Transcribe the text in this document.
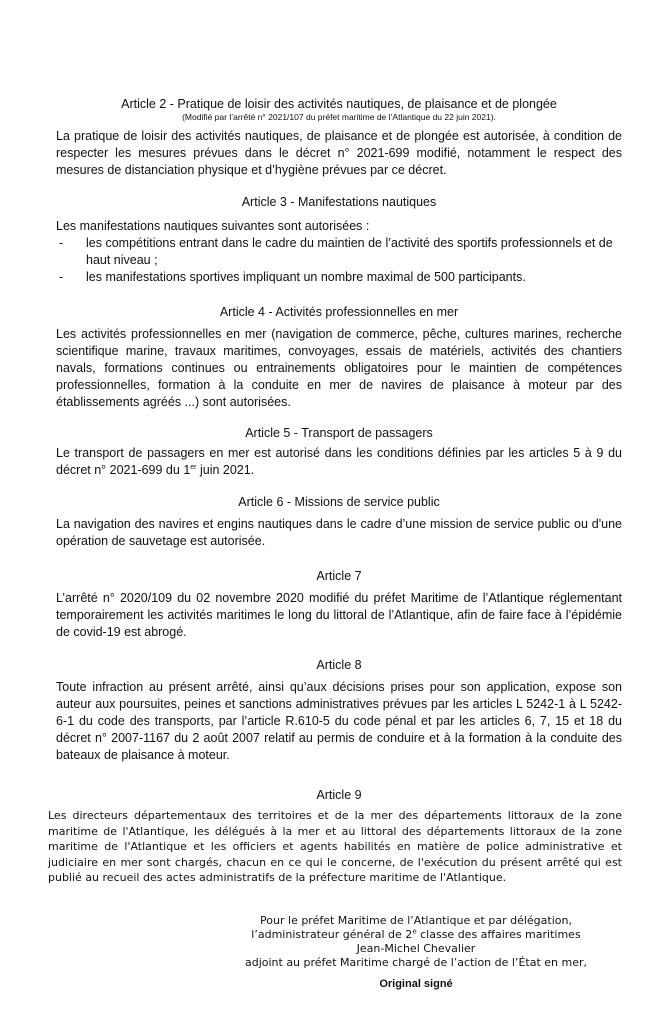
Article 2 - Pratique de loisir des activités nautiques, de plaisance et de plongée

(Modifié par l’arrêté n° 2021/107 du préfet maritime de l’Atlantique du 22 juin 2021).

La pratique de loisir des activités nautiques, de plaisance et de plongée est autorisée, à condition de respecter les mesures prévues dans le décret n° 2021-699 modifié, notamment le respect des mesures de distanciation physique et d’hygiène prévues par ce décret.

Article 3 - Manifestations nautiques

Les manifestations nautiques suivantes sont autorisées :

- les compétitions entrant dans le cadre du maintien de l’activité des sportifs professionnels et de haut niveau ;
- les manifestations sportives impliquant un nombre maximal de 500 participants.

Article 4 - Activités professionnelles en mer

Les activités professionnelles en mer (navigation de commerce, pêche, cultures marines, recherche scientifique marine, travaux maritimes, convoyages, essais de matériels, activités des chantiers navals, formations continues ou entrainements obligatoires pour le maintien de compétences professionnelles, formation à la conduite en mer de navires de plaisance à moteur par des établissements agréés ...) sont autorisées.

Article 5 - Transport de passagers

Le transport de passagers en mer est autorisé dans les conditions définies par les articles 5 à 9 du décret n° 2021-699 du 1er juin 2021.

Article 6 - Missions de service public

La navigation des navires et engins nautiques dans le cadre d’une mission de service public ou d'une opération de sauvetage est autorisée.

Article 7

L’arrêté n° 2020/109 du 02 novembre 2020 modifié du préfet Maritime de l’Atlantique réglementant temporairement les activités maritimes le long du littoral de l’Atlantique, afin de faire face à l’épidémie de covid-19 est abrogé.

Article 8

Toute infraction au présent arrêté, ainsi qu’aux décisions prises pour son application, expose son auteur aux poursuites, peines et sanctions administratives prévues par les articles L 5242-1 à L 5242-6-1 du code des transports, par l’article R.610-5 du code pénal et par les articles 6, 7, 15 et 18 du décret n° 2007-1167 du 2 août 2007 relatif au permis de conduire et à la formation à la conduite des bateaux de plaisance à moteur.

Article 9

Les directeurs départementaux des territoires et de la mer des départements littoraux de la zone maritime de l'Atlantique, les délégués à la mer et au littoral des départements littoraux de la zone maritime de l'Atlantique et les officiers et agents habilités en matière de police administrative et judiciaire en mer sont chargés, chacun en ce qui le concerne, de l'exécution du présent arrêté qui est publié au recueil des actes administratifs de la préfecture maritime de l'Atlantique.

Pour le préfet Maritime de l’Atlantique et par délégation,

l’administrateur général de 2e classe des affaires maritimes

Jean-Michel Chevalier

adjoint au préfet Maritime chargé de l’action de l’État en mer,

Original signé
